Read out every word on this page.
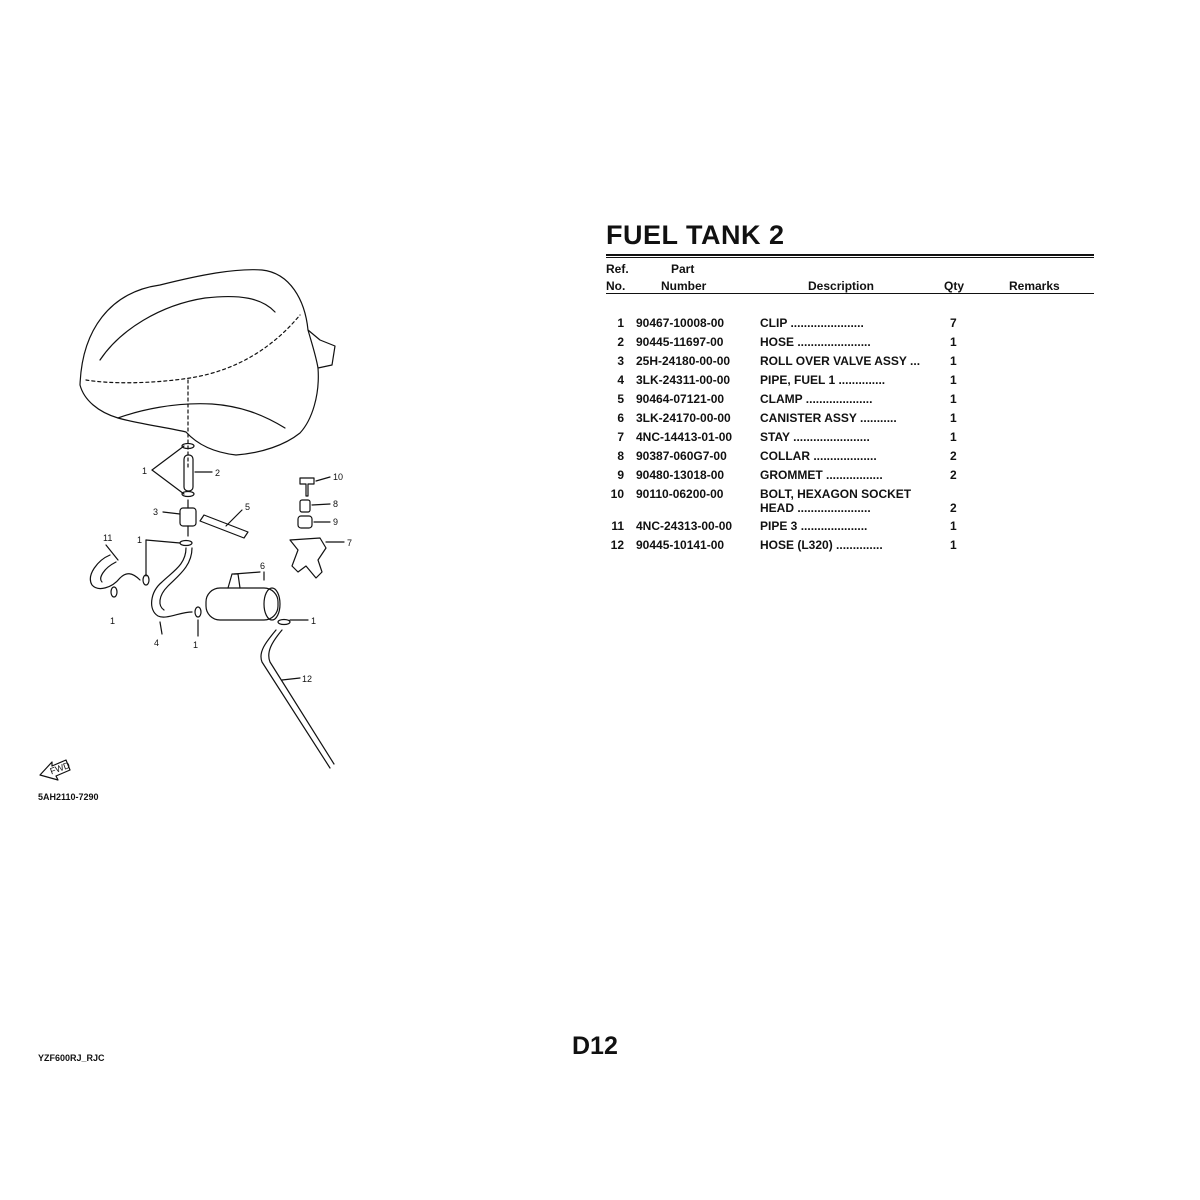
1	2
3	5
10
8
9
7
11	1
6
1
4	1
1
12
FWD
5AH2110-7290
FUEL TANK 2
Ref.
No.
Part
Number	Description	Qty	Remarks
1 90467-10008-00	CLIP ......................	7
2 90445-11697-00	HOSE ......................	1
3 25H-24180-00-00 ROLL OVER VALVE ASSY ...	1
4 3LK-24311-00-00 PIPE, FUEL 1 ..............	1
5 90464-07121-00	CLAMP ....................	1
6 3LK-24170-00-00 CANISTER ASSY ...........	1
7 4NC-14413-01-00 STAY .......................	1
8 90387-060G7-00	COLLAR ...................	2
9 90480-13018-00	GROMMET .................	2
10 90110-06200-00	BOLT, HEXAGON SOCKET
HEAD ......................	2
11 4NC-24313-00-00 PIPE 3 ....................	1
12 90445-10141-00	HOSE (L320) ..............	1
D12
YZF600RJ_RJC
